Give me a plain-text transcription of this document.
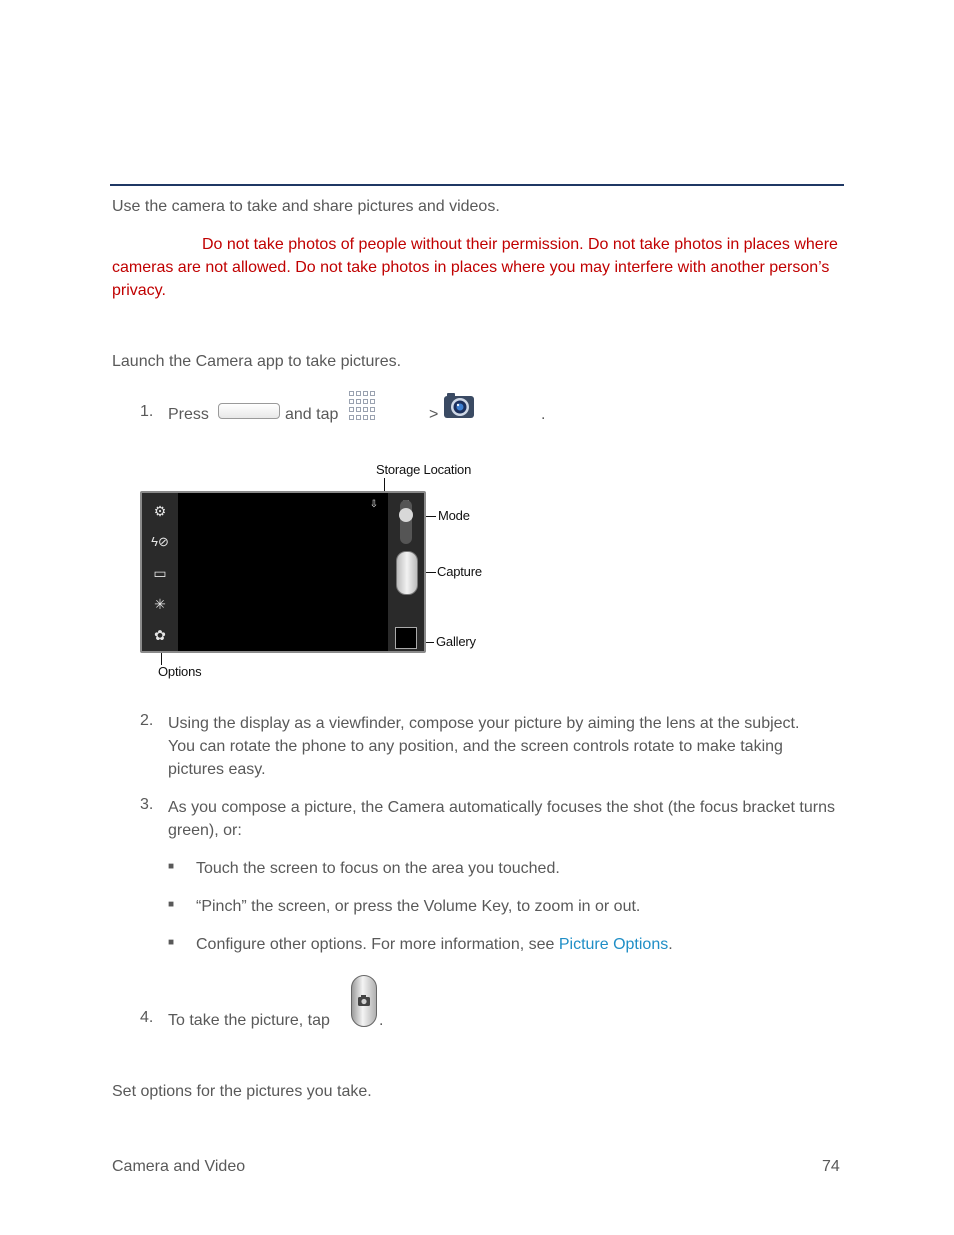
Use the camera to take and share pictures and videos.
Do not take photos of people without their permission. Do not take photos in places where cameras are not allowed. Do not take photos in places where you may interfere with another person’s privacy.
Launch the Camera app to take pictures.
1. Press	and tap	>	.
Storage Location
⚙
ϟ⊘
▭
✳
✿
⇩
Mode
Capture
Gallery
Options
2. Using the display as a viewfinder, compose your picture by aiming the lens at the subject. You can rotate the phone to any position, and the screen controls rotate to make taking pictures easy.
3. As you compose a picture, the Camera automatically focuses the shot (the focus bracket turns green), or:
■ Touch the screen to focus on the area you touched.
■ “Pinch” the screen, or press the Volume Key, to zoom in or out.
■ Configure other options. For more information, see Picture Options.
4. To take the picture, tap	.
Set options for the pictures you take.
Camera and Video	74
